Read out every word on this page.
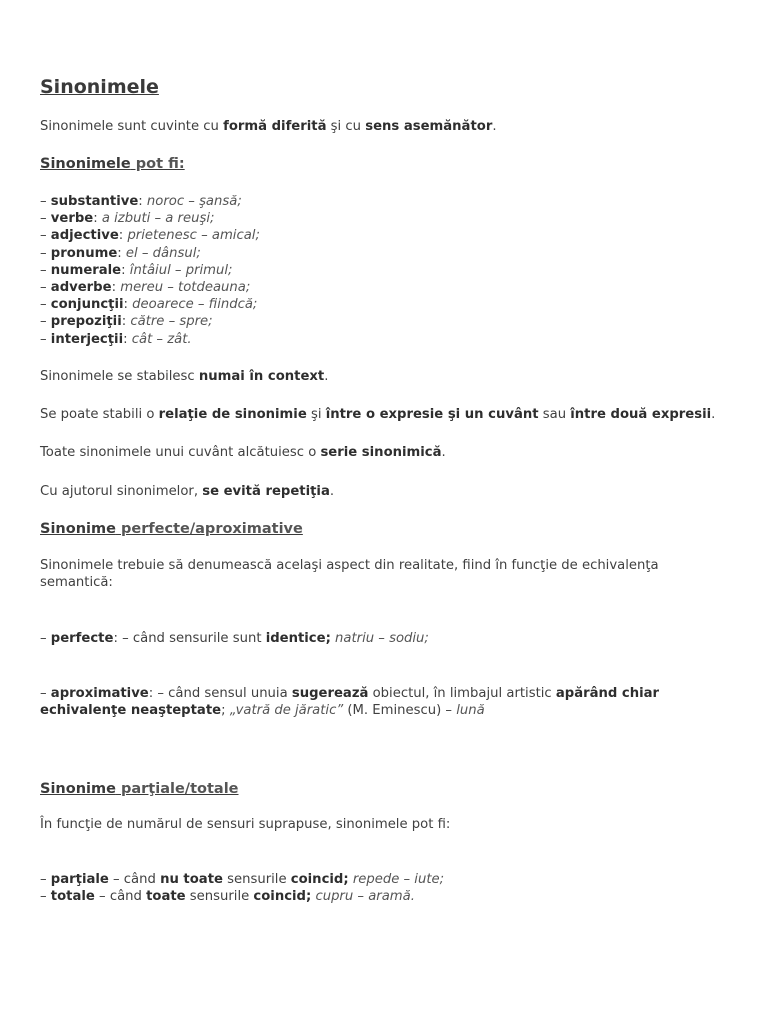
Sinonimele
Sinonimele sunt cuvinte cu formă diferită şi cu sens asemănător.
Sinonimele pot fi:
– substantive: noroc – şansă;
– verbe: a izbuti – a reuşi;
– adjective: prietenesc – amical;
– pronume: el – dânsul;
– numerale: întâiul – primul;
– adverbe: mereu – totdeauna;
– conjuncţii: deoarece – fiindcă;
– prepoziţii: către – spre;
– interjecţii: cât – zât.
Sinonimele se stabilesc numai în context.
Se poate stabili o relaţie de sinonimie şi între o expresie şi un cuvânt sau între două expresii.
Toate sinonimele unui cuvânt alcătuiesc o serie sinonimică.
Cu ajutorul sinonimelor, se evită repetiţia.
Sinonime perfecte/aproximative
Sinonimele trebuie să denumească acelaşi aspect din realitate, fiind în funcţie de echivalenţa semantică:
– perfecte: – când sensurile sunt identice; natriu – sodiu;
– aproximative: – când sensul unuia sugerează obiectul, în limbajul artistic apărând chiar echivalenţe neaşteptate; „vatră de jăratic” (M. Eminescu) – lună
Sinonime parţiale/totale
În funcţie de numărul de sensuri suprapuse, sinonimele pot fi:
– parţiale – când nu toate sensurile coincid; repede – iute;
– totale – când toate sensurile coincid; cupru – aramă.
